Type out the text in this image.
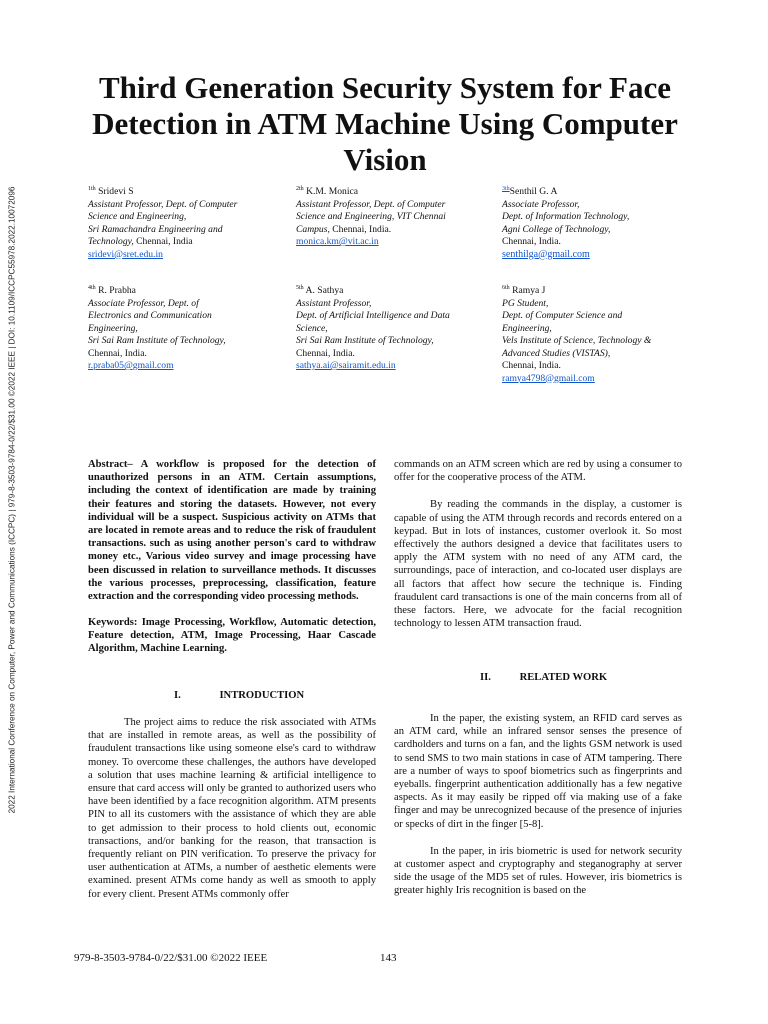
2022 International Conference on Computer, Power and Communications (ICCPC) | 979-8-3503-9784-0/22/$31.00 ©2022 IEEE | DOI: 10.1109/ICCPC55978.2022.10072096
Third Generation Security System for Face Detection in ATM Machine Using Computer Vision
$^{1th}$ Sridevi S
Assistant Professor, Dept. of Computer
Science and Engineering,
Sri Ramachandra Engineering and
Technology, Chennai, India
sridevi@sret.edu.in
$^{2th}$ K.M. Monica
Assistant Professor, Dept. of Computer
Science and Engineering, VIT Chennai
Campus, Chennai, India.
monica.km@vit.ac.in
$^{3th}$Senthil G. A
Associate Professor,
Dept. of Information Technology,
Agni College of Technology,
Chennai, India.
senthilga@gmail.com
$^{4th}$ R. Prabha
Associate Professor, Dept. of
Electronics and Communication
Engineering,
Sri Sai Ram Institute of Technology,
Chennai, India.
r.praba05@gmail.com
$^{5th}$ A. Sathya
Assistant Professor,
Dept. of Artificial Intelligence and Data
Science,
Sri Sai Ram Institute of Technology,
Chennai, India.
sathya.ai@sairamit.edu.in
$^{6th}$ Ramya J
PG Student,
Dept. of Computer Science and
Engineering,
Vels Institute of Science, Technology &
Advanced Studies (VISTAS),
Chennai, India.
ramya4798@gmail.com

Abstract– A workflow is proposed for the detection of unauthorized persons in an ATM. Certain assumptions, including the context of identification are made by training their features and storing the datasets. However, not every individual will be a suspect. Suspicious activity on ATMs that are located in remote areas and to reduce the risk of fraudulent transactions. such as using another person's card to withdraw money etc., Various video survey and image processing have been discussed in relation to surveillance methods. It discusses the various processes, preprocessing, classification, feature extraction and the corresponding video processing methods.

Keywords: Image Processing, Workflow, Automatic detection, Feature detection, ATM, Image Processing, Haar Cascade Algorithm, Machine Learning.

I.	INTRODUCTION

The project aims to reduce the risk associated with ATMs that are installed in remote areas, as well as the possibility of fraudulent transactions like using someone else's card to withdraw money. To overcome these challenges, the authors have developed a solution that uses machine learning & artificial intelligence to ensure that card access will only be granted to authorized users who have been identified by a face recognition algorithm. ATM presents PIN to all its customers with the assistance of which they are able to get admission to their process to hold clients out, economic transactions, and/or banking for the reason, that transaction is frequently reliant on PIN verification. To preserve the privacy for user authentication at ATMs, a number of aesthetic elements were examined. present ATMs come handy as well as smooth to apply for every client. Present ATMs commonly offer

commands on an ATM screen which are red by using a consumer to offer for the cooperative process of the ATM.

By reading the commands in the display, a customer is capable of using the ATM through records and records entered on a keypad. But in lots of instances, customer overlook it. So most effectively the authors designed a device that facilitates users to apply the ATM system with no need of any ATM card, the surroundings, pace of interaction, and co-located user displays are all factors that affect how secure the technique is. Finding fraudulent card transactions is one of the main concerns from all of these factors. Here, we advocate for the facial recognition technology to lessen ATM transaction fraud.

II.	RELATED WORK

In the paper, the existing system, an RFID card serves as an ATM card, while an infrared sensor senses the presence of cardholders and turns on a fan, and the lights GSM network is used to send SMS to two main stations in case of ATM tampering. There are a number of ways to spoof biometrics such as fingerprints and eyeballs. fingerprint authentication additionally has a few negative aspects. As it may easily be ripped off via making use of a fake finger and may be unrecognized because of the presence of injuries or specks of dirt in the finger [5-8].

In the paper, in iris biometric is used for network security at customer aspect and cryptography and steganography at server side the usage of the MD5 set of rules. However, iris biometrics is greater highly Iris recognition is based on the

979-8-3503-9784-0/22/$31.00 ©2022 IEEE	143
